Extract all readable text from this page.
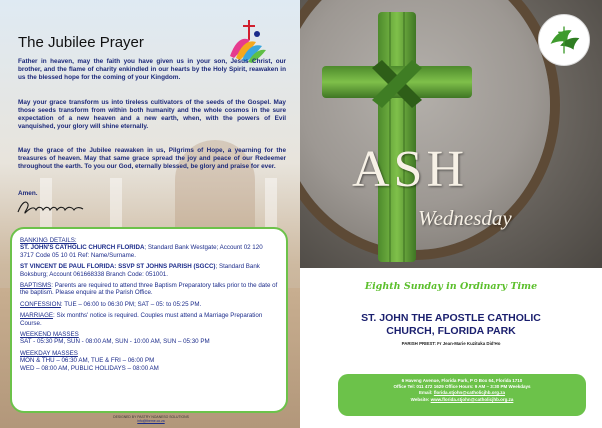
The Jubilee Prayer

Father in heaven, may the faith you have given us in your son, Jesus Christ, our brother, and the flame of charity enkindled in our hearts by the Holy Spirit, reawaken in us the blessed hope for the coming of your Kingdom.

May your grace transform us into tireless cultivators of the seeds of the Gospel. May those seeds transform from within both humanity and the whole cosmos in the sure expectation of a new heaven and a new earth, when, with the powers of Evil vanquished, your glory will shine eternally.

May the grace of the Jubilee reawaken in us, Pilgrims of Hope, a yearning for the treasures of heaven. May that same grace spread the joy and peace of our Redeemer throughout the earth. To you our God, eternally blessed, be glory and praise for ever.

Amen.
BANKING DETAILS:
ST. JOHN'S CATHOLIC CHURCH FLORIDA; Standard Bank Westgate; Account 02 120 3717 Code 05 10 01 Ref: Name/Surname.
ST VINCENT DE PAUL FLORIDA: SSVP ST JOHNS PARISH (SGCC); Standard Bank Boksburg; Account 061668338 Branch Code: 051001.
BAPTISMS: Parents are required to attend three Baptism Preparatory talks prior to the date of the baptism. Please enquire at the Parish Office.
CONFESSION: TUE – 06:00 to 06:30 PM; SAT – 05: to 05:25 PM.
MARRIAGE: Six months' notice is required. Couples must attend a Marriage Preparation Course.
WEEKEND MASSES
SAT - 05:30 PM, SUN - 08:00 AM, SUN - 10:00 AM, SUN – 05:30 PM
WEEKDAY MASSES
MON & THU – 06:30 AM, TUE & FRI – 06:00 PM
WED – 08:00 AM, PUBLIC HOLIDAYS – 08:00 AM
DESIGNED BY PASTRY NOANESO SOLUTIONS
info@theme.co.za
ASH
Wednesday
Eighth Sunday in Ordinary Time
ST. JOHN THE APOSTLE CATHOLIC
CHURCH, FLORIDA PARK
PARISH PRIEST: Fr Jean-Marie Kuzituka Did'Ho
6 Haveng Avenue, Florida Park, P O Box 64, Florida 1710
Office Tel: 011 472 1629 Office Hours: 9 AM – 3:30 PM Weekdays
Email: florida.stjohn@catholicjhb.org.za
Website: www.florida.stjohn@catholicjhb.org.za
